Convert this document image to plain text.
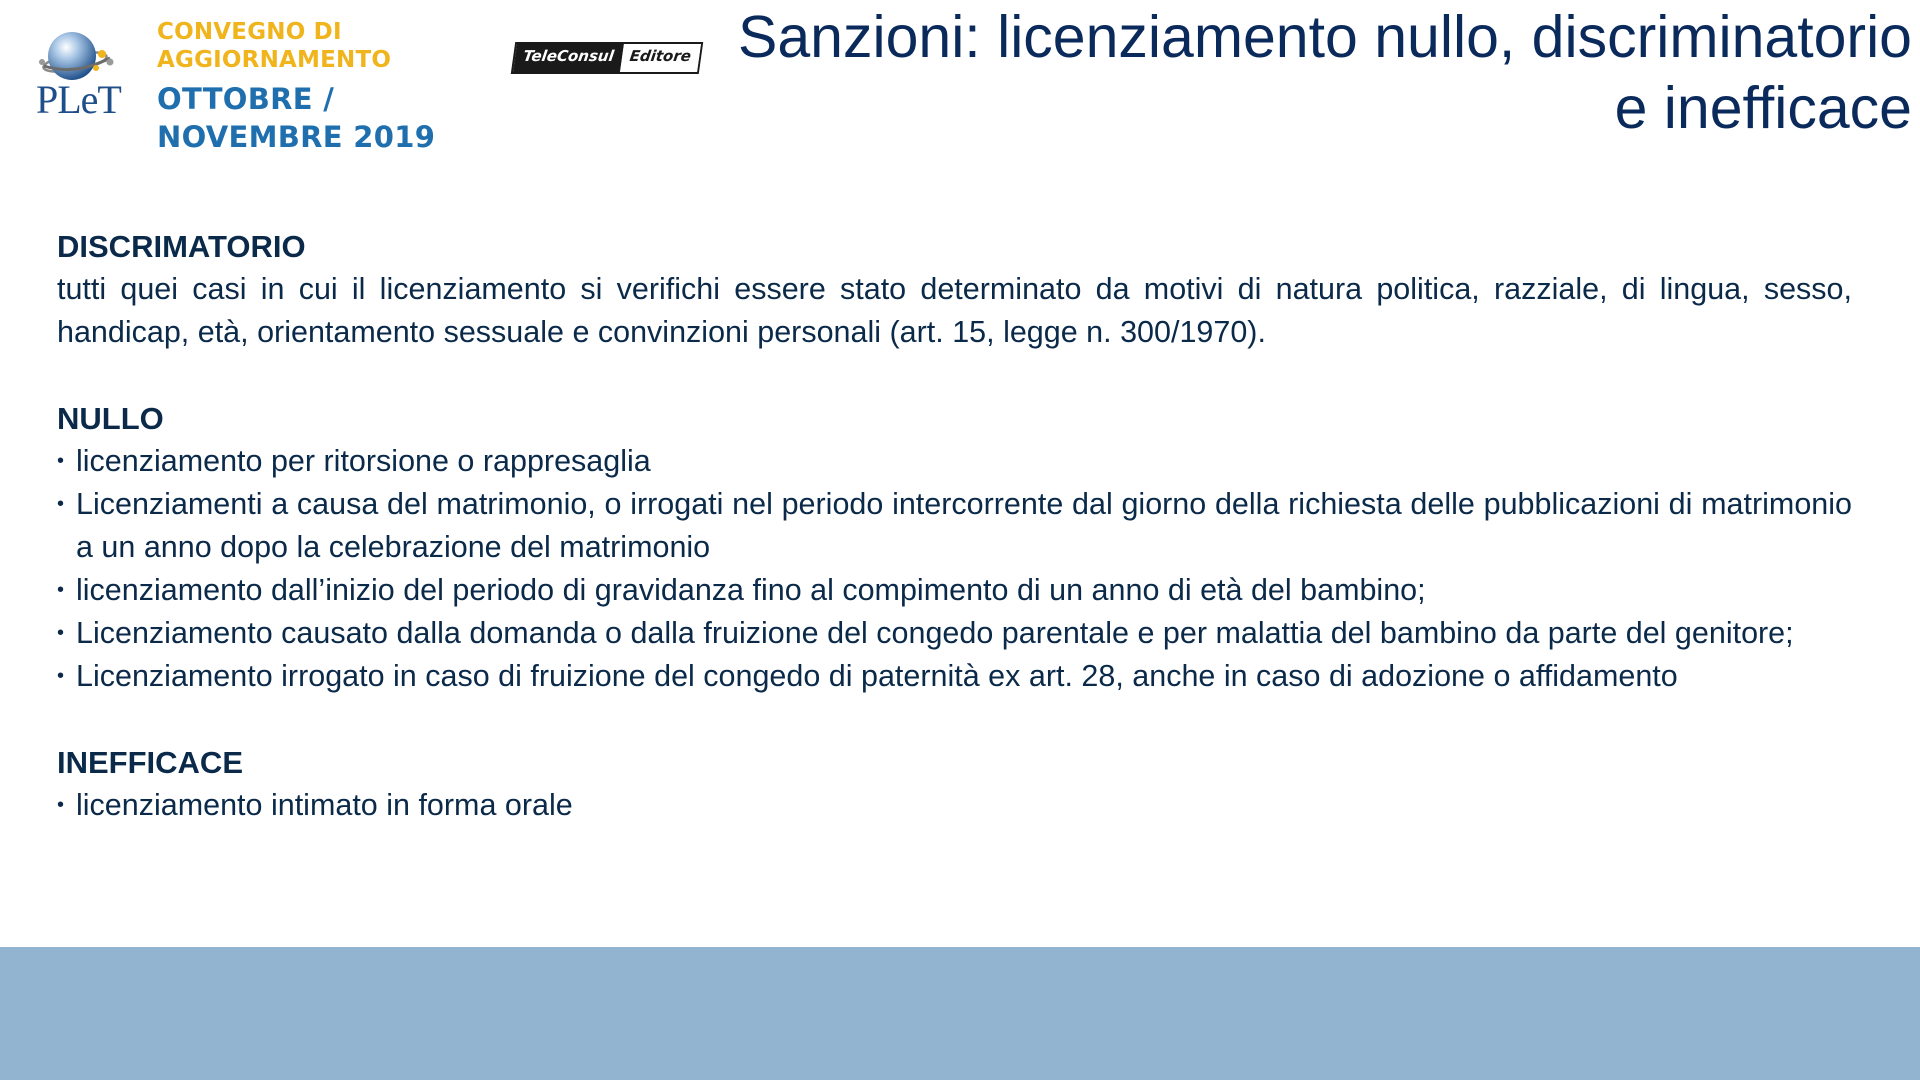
PLeT
CONVEGNO DI
AGGIORNAMENTO
OTTOBRE /
NOVEMBRE 2019
TeleConsul Editore Sanzioni: licenziamento nullo, discriminatorio
e inefficace

DISCRIMATORIO

tutti quei casi in cui il licenziamento si verifichi essere stato determinato da motivi di natura politica, razziale, di lingua, sesso, handicap, età, orientamento sessuale e convinzioni personali (art. 15, legge n. 300/1970).

NULLO

• licenziamento per ritorsione o rappresaglia
• Licenziamenti a causa del matrimonio, o irrogati nel periodo intercorrente dal giorno della richiesta delle pubblicazioni di matrimonio a un anno dopo la celebrazione del matrimonio
• licenziamento dall’inizio del periodo di gravidanza fino al compimento di un anno di età del bambino;
• Licenziamento causato dalla domanda o dalla fruizione del congedo parentale e per malattia del bambino da parte del genitore;
• Licenziamento irrogato in caso di fruizione del congedo di paternità ex art. 28, anche in caso di adozione o affidamento

INEFFICACE

• licenziamento intimato in forma orale
